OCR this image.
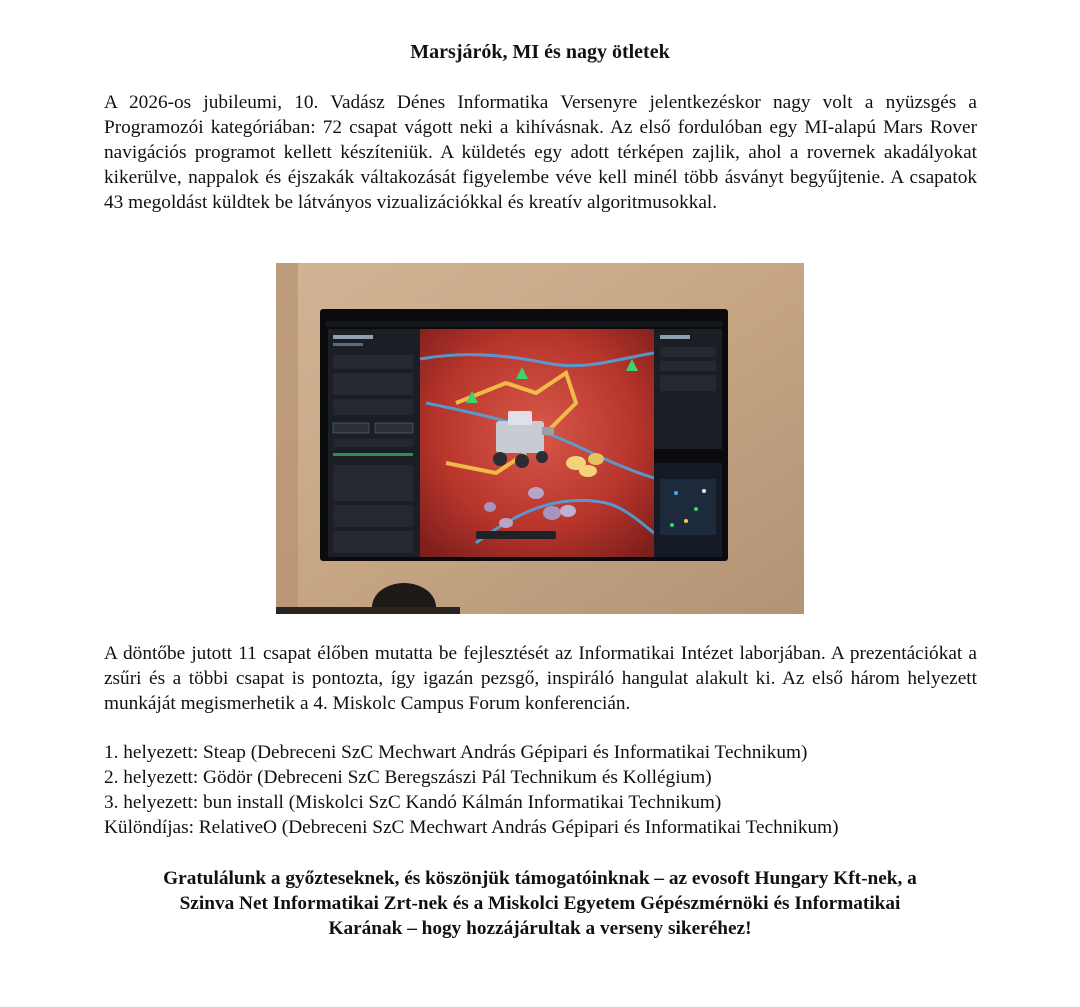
Marsjárók, MI és nagy ötletek

A 2026-os jubileumi, 10. Vadász Dénes Informatika Versenyre jelentkezéskor nagy volt a nyüzsgés a Programozói kategóriában: 72 csapat vágott neki a kihívásnak. Az első fordulóban egy MI-alapú Mars Rover navigációs programot kellett készíteniük. A küldetés egy adott térképen zajlik, ahol a rovernek akadályokat kikerülve, nappalok és éjszakák váltakozását figyelembe véve kell minél több ásványt begyűjtenie. A csapatok 43 megoldást küldtek be látványos vizualizációkkal és kreatív algoritmusokkal.

A döntőbe jutott 11 csapat élőben mutatta be fejlesztését az Informatikai Intézet laborjában. A prezentációkat a zsűri és a többi csapat is pontozta, így igazán pezsgő, inspiráló hangulat alakult ki. Az első három helyezett munkáját megismerhetik a 4. Miskolc Campus Forum konferencián.

1. helyezett: Steap (Debreceni SzC Mechwart András Gépipari és Informatikai Technikum)
2. helyezett: Gödör (Debreceni SzC Beregszászi Pál Technikum és Kollégium)
3. helyezett: bun install (Miskolci SzC Kandó Kálmán Informatikai Technikum)
Különdíjas: RelativeO (Debreceni SzC Mechwart András Gépipari és Informatikai Technikum)
Gratulálunk a győzteseknek, és köszönjük támogatóinknak – az evosoft Hungary Kft-nek, a
Szinva Net Informatikai Zrt-nek és a Miskolci Egyetem Gépészmérnöki és Informatikai
Karának – hogy hozzájárultak a verseny sikeréhez!
